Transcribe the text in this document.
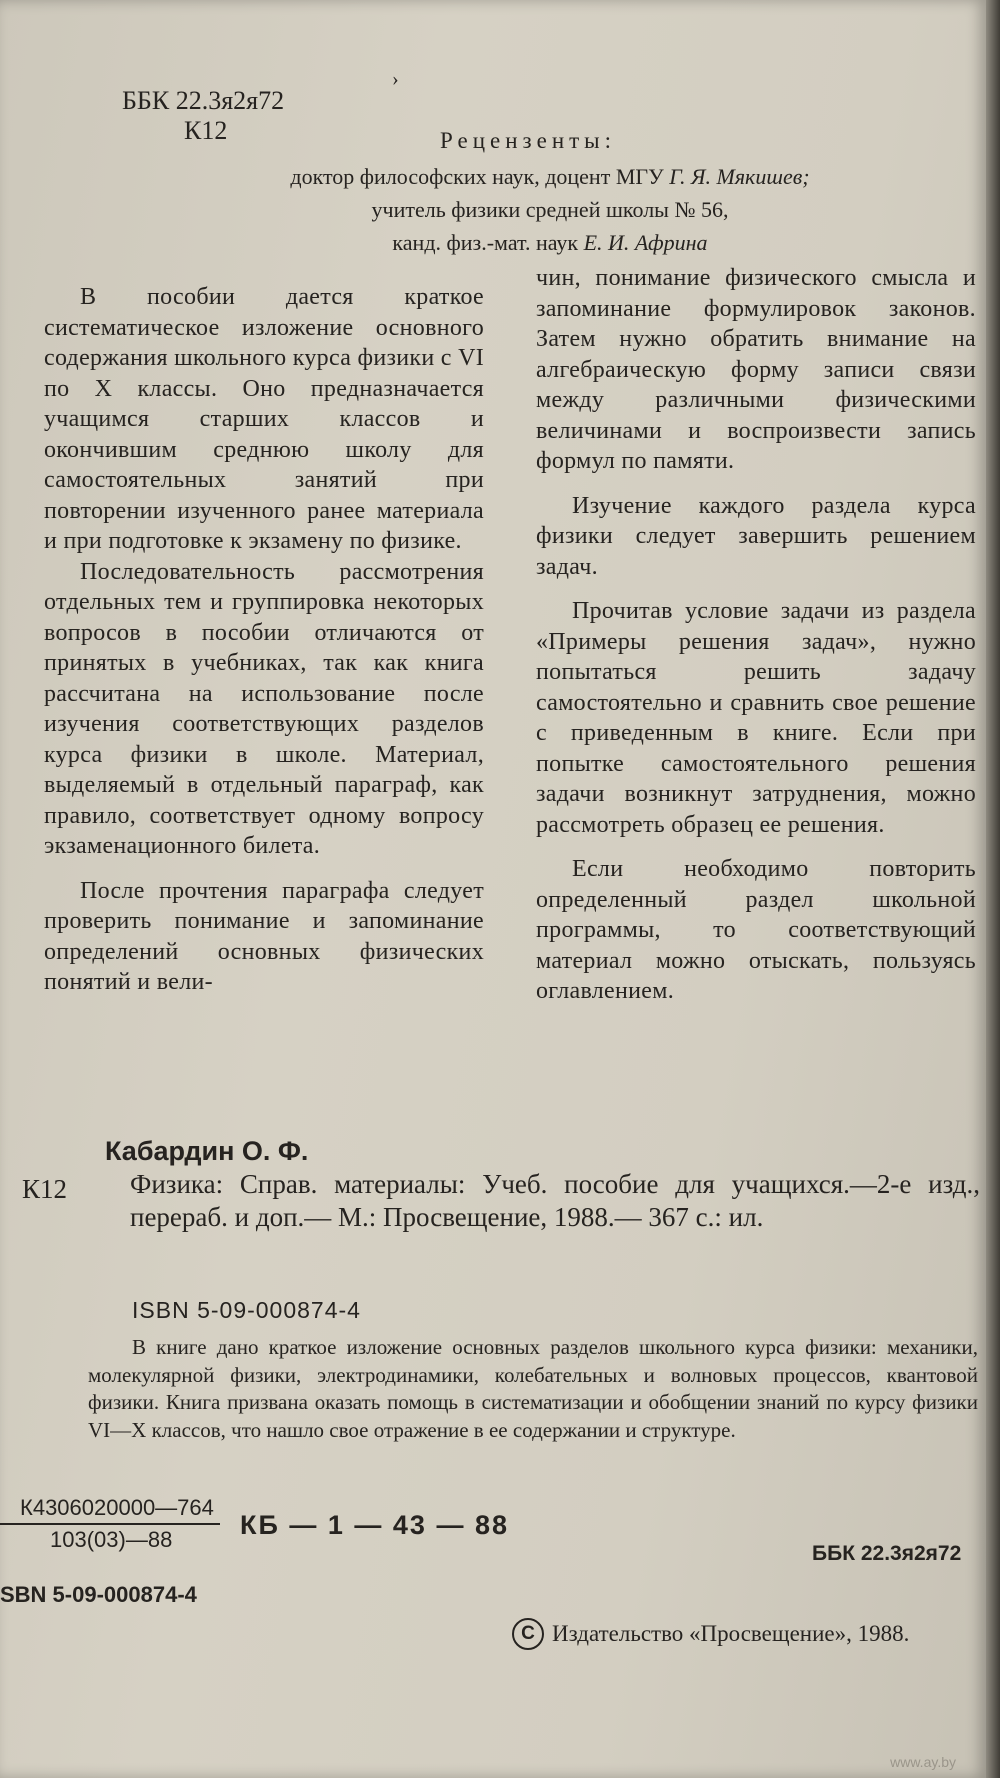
›
ББК 22.3я2я72
К12	Рецензенты:
доктор философских наук, доцент МГУ Г. Я. Мякишев;
учитель физики средней школы № 56,
канд. физ.-мат. наук Е. И. Африна

В пособии дается краткое систематическое изложение основного содержания школьного курса физики с VI по X классы. Оно предназначается учащимся старших классов и окончившим среднюю школу для самостоятельных занятий при повторении изученного ранее материала и при подготовке к экзамену по физике.

Последовательность рассмотрения отдельных тем и группировка некоторых вопросов в пособии отличаются от принятых в учебниках, так как книга рассчитана на использование после изучения соответствующих разделов курса физики в школе. Материал, выделяемый в отдельный параграф, как правило, соответствует одному вопросу экзаменационного билета.

После прочтения параграфа следует проверить понимание и запоминание определений основных физических понятий и вели-

чин, понимание физического смысла и запоминание формулировок законов. Затем нужно обратить внимание на алгебраическую форму записи связи между различными физическими величинами и воспроизвести запись формул по памяти.

Изучение каждого раздела курса физики следует завершить решением задач.

Прочитав условие задачи из раздела «Примеры решения задач», нужно попытаться решить задачу самостоятельно и сравнить свое решение с приведенным в книге. Если при попытке самостоятельного решения задачи возникнут затруднения, можно рассмотреть образец ее решения.

Если необходимо повторить определенный раздел школьной программы, то соответствующий материал можно отыскать, пользуясь оглавлением.

Кабардин О. Ф.
К12	Физика: Справ. материалы: Учеб. пособие для учащихся.—2-е изд., перераб. и доп.— М.: Просвещение, 1988.— 367 с.: ил.
ISBN 5-09-000874-4

В книге дано краткое изложение основных разделов школьного курса физики: механики, молекулярной физики, электродинамики, колебательных и волновых процессов, квантовой физики. Книга призвана оказать помощь в систематизации и обобщении знаний по курсу физики VI—X классов, что нашло свое отражение в ее содержании и структуре.

К4306020000—764
103(03)—88	КБ — 1 — 43 — 88
ББК 22.3я2я72
SBN 5-09-000874-4
C Издательство «Просвещение», 1988.
www.ay.by
